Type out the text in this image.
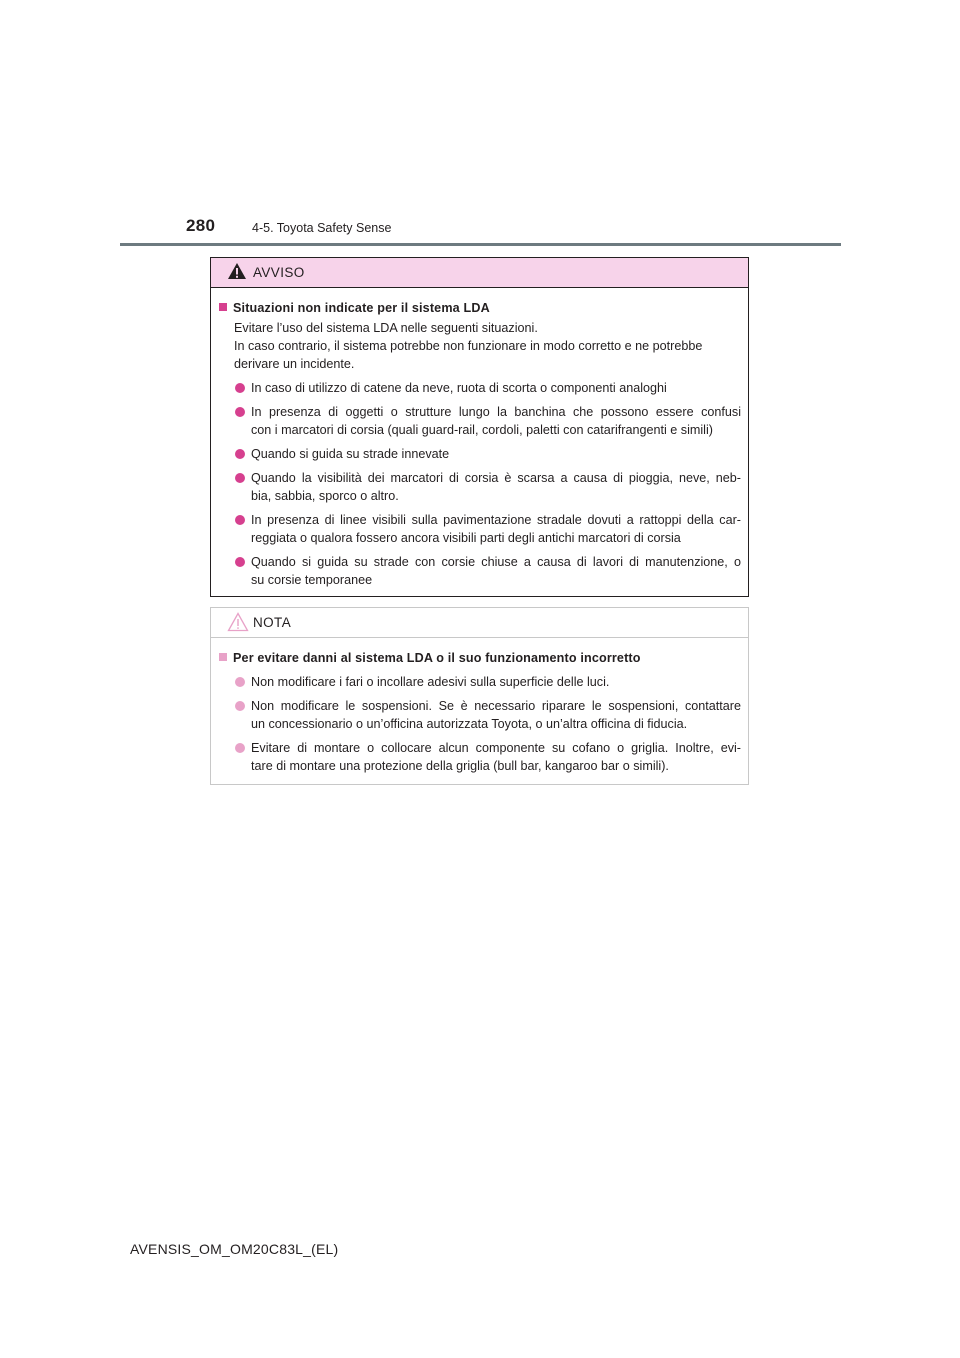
280	4-5. Toyota Safety Sense
AVVISO
Situazioni non indicate per il sistema LDA
Evitare l’uso del sistema LDA nelle seguenti situazioni.
In caso contrario, il sistema potrebbe non funzionare in modo corretto e ne potrebbe
derivare un incidente.
In caso di utilizzo di catene da neve, ruota di scorta o componenti analoghi
In presenza di oggetti o strutture lungo la banchina che possono essere confusi
con i marcatori di corsia (quali guard-rail, cordoli, paletti con catarifrangenti e simili)
Quando si guida su strade innevate
Quando la visibilità dei marcatori di corsia è scarsa a causa di pioggia, neve, neb-
bia, sabbia, sporco o altro.
In presenza di linee visibili sulla pavimentazione stradale dovuti a rattoppi della car-
reggiata o qualora fossero ancora visibili parti degli antichi marcatori di corsia
Quando si guida su strade con corsie chiuse a causa di lavori di manutenzione, o
su corsie temporanee
NOTA
Per evitare danni al sistema LDA o il suo funzionamento incorretto
Non modificare i fari o incollare adesivi sulla superficie delle luci.
Non modificare le sospensioni. Se è necessario riparare le sospensioni, contattare
un concessionario o un’officina autorizzata Toyota, o un’altra officina di fiducia.
Evitare di montare o collocare alcun componente su cofano o griglia. Inoltre, evi-
tare di montare una protezione della griglia (bull bar, kangaroo bar o simili).
AVENSIS_OM_OM20C83L_(EL)
